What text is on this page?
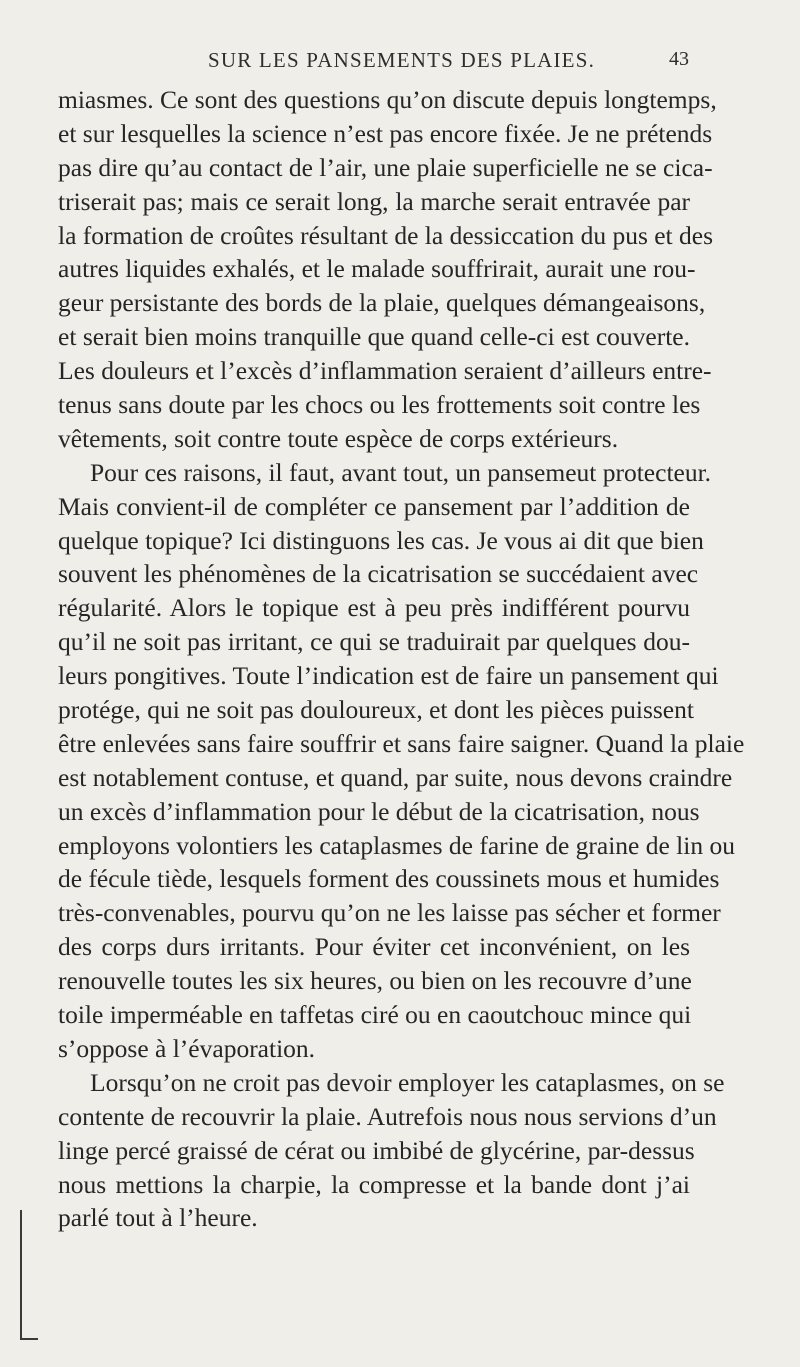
SUR LES PANSEMENTS DES PLAIES.	43
miasmes. Ce sont des questions qu’on discute depuis longtemps,
et sur lesquelles la science n’est pas encore fixée. Je ne prétends
pas dire qu’au contact de l’air, une plaie superficielle ne se cica-
triserait pas; mais ce serait long, la marche serait entravée par
la formation de croûtes résultant de la dessiccation du pus et des
autres liquides exhalés, et le malade souffrirait, aurait une rou-
geur persistante des bords de la plaie, quelques démangeaisons,
et serait bien moins tranquille que quand celle-ci est couverte.
Les douleurs et l’excès d’inflammation seraient d’ailleurs entre-
tenus sans doute par les chocs ou les frottements soit contre les
vêtements, soit contre toute espèce de corps extérieurs.
Pour ces raisons, il faut, avant tout, un pansemeut protecteur.
Mais convient-il de compléter ce pansement par l’addition de
quelque topique? Ici distinguons les cas. Je vous ai dit que bien
souvent les phénomènes de la cicatrisation se succédaient avec
régularité. Alors le topique est à peu près indifférent pourvu
qu’il ne soit pas irritant, ce qui se traduirait par quelques dou-
leurs pongitives. Toute l’indication est de faire un pansement qui
protége, qui ne soit pas douloureux, et dont les pièces puissent
être enlevées sans faire souffrir et sans faire saigner. Quand la plaie
est notablement contuse, et quand, par suite, nous devons craindre
un excès d’inflammation pour le début de la cicatrisation, nous
employons volontiers les cataplasmes de farine de graine de lin ou
de fécule tiède, lesquels forment des coussinets mous et humides
très-convenables, pourvu qu’on ne les laisse pas sécher et former
des corps durs irritants. Pour éviter cet inconvénient, on les
renouvelle toutes les six heures, ou bien on les recouvre d’une
toile imperméable en taffetas ciré ou en caoutchouc mince qui
s’oppose à l’évaporation.
Lorsqu’on ne croit pas devoir employer les cataplasmes, on se
contente de recouvrir la plaie. Autrefois nous nous servions d’un
linge percé graissé de cérat ou imbibé de glycérine, par-dessus
nous mettions la charpie, la compresse et la bande dont j’ai
parlé tout à l’heure.
